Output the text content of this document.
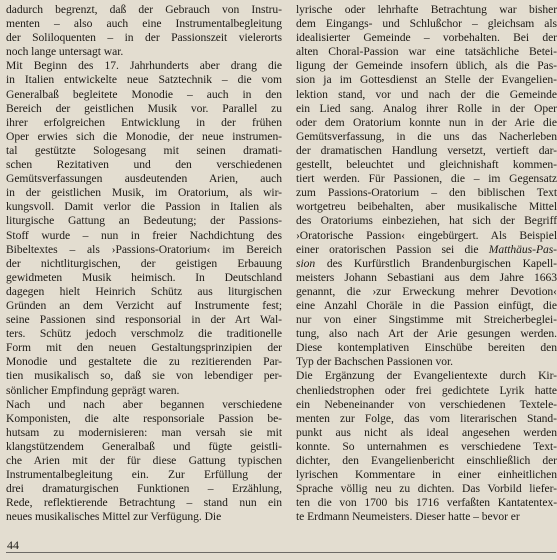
dadurch begrenzt, daß der Gebrauch von Instru-
menten – also auch eine Instrumentalbegleitung
der Soliloquenten – in der Passionszeit vielerorts
noch lange untersagt war.
Mit Beginn des 17. Jahrhunderts aber drang die
in Italien entwickelte neue Satztechnik – die vom
Generalbaß begleitete Monodie – auch in den
Bereich der geistlichen Musik vor. Parallel zu
ihrer erfolgreichen Entwicklung in der frühen
Oper erwies sich die Monodie, der neue instrumen-
tal gestützte Sologesang mit seinen dramati-
schen Rezitativen und den verschiedenen
Gemütsverfassungen ausdeutenden Arien, auch
in der geistlichen Musik, im Oratorium, als wir-
kungsvoll. Damit verlor die Passion in Italien als
liturgische Gattung an Bedeutung; der Passions-
Stoff wurde – nun in freier Nachdichtung des
Bibeltextes – als ›Passions-Oratorium‹ im Bereich
der nichtliturgischen, der geistigen Erbauung
gewidmeten Musik heimisch. In Deutschland
dagegen hielt Heinrich Schütz aus liturgischen
Gründen an dem Verzicht auf Instrumente fest;
seine Passionen sind responsorial in der Art Wal-
ters. Schütz jedoch verschmolz die traditionelle
Form mit den neuen Gestaltungsprinzipien der
Monodie und gestaltete die zu rezitierenden Par-
tien musikalisch so, daß sie von lebendiger per-
sönlicher Empfindung geprägt waren.
Nach und nach aber begannen verschiedene
Komponisten, die alte responsoriale Passion be-
hutsam zu modernisieren: man versah sie mit
klangstützendem Generalbaß und fügte geistli-
che Arien mit der für diese Gattung typischen
Instrumentalbegleitung ein. Zur Erfüllung der
drei dramaturgischen Funktionen – Erzählung,
Rede, reflektierende Betrachtung – stand nun ein
neues musikalisches Mittel zur Verfügung. Die
lyrische oder lehrhafte Betrachtung war bisher
dem Eingangs- und Schlußchor – gleichsam als
idealisierter Gemeinde – vorbehalten. Bei der
alten Choral-Passion war eine tatsächliche Betei-
ligung der Gemeinde insofern üblich, als die Pas-
sion ja im Gottesdienst an Stelle der Evangelien-
lektion stand, vor und nach der die Gemeinde
ein Lied sang. Analog ihrer Rolle in der Oper
oder dem Oratorium konnte nun in der Arie die
Gemütsverfassung, in die uns das Nacherleben
der dramatischen Handlung versetzt, vertieft dar-
gestellt, beleuchtet und gleichnishaft kommen-
tiert werden. Für Passionen, die – im Gegensatz
zum Passions-Oratorium – den biblischen Text
wortgetreu beibehalten, aber musikalische Mittel
des Oratoriums einbeziehen, hat sich der Begriff
›Oratorische Passion‹ eingebürgert. Als Beispiel
einer oratorischen Passion sei die Matthäus-Pas-
sion des Kurfürstlich Brandenburgischen Kapell-
meisters Johann Sebastiani aus dem Jahre 1663
genannt, die ›zur Erweckung mehrer Devotion‹
eine Anzahl Choräle in die Passion einfügt, die
nur von einer Singstimme mit Streicherbeglei-
tung, also nach Art der Arie gesungen werden.
Diese kontemplativen Einschübe bereiten den
Typ der Bachschen Passionen vor.
Die Ergänzung der Evangelientexte durch Kir-
chenliedstrophen oder frei gedichtete Lyrik hatte
ein Nebeneinander von verschiedenen Textele-
menten zur Folge, das vom literarischen Stand-
punkt aus nicht als ideal angesehen werden
konnte. So unternahmen es verschiedene Text-
dichter, den Evangelienbericht einschließlich der
lyrischen Kommentare in einer einheitlichen
Sprache völlig neu zu dichten. Das Vorbild liefer-
ten die von 1700 bis 1716 verfaßten Kantatentex-
te Erdmann Neumeisters. Dieser hatte – bevor er
44
